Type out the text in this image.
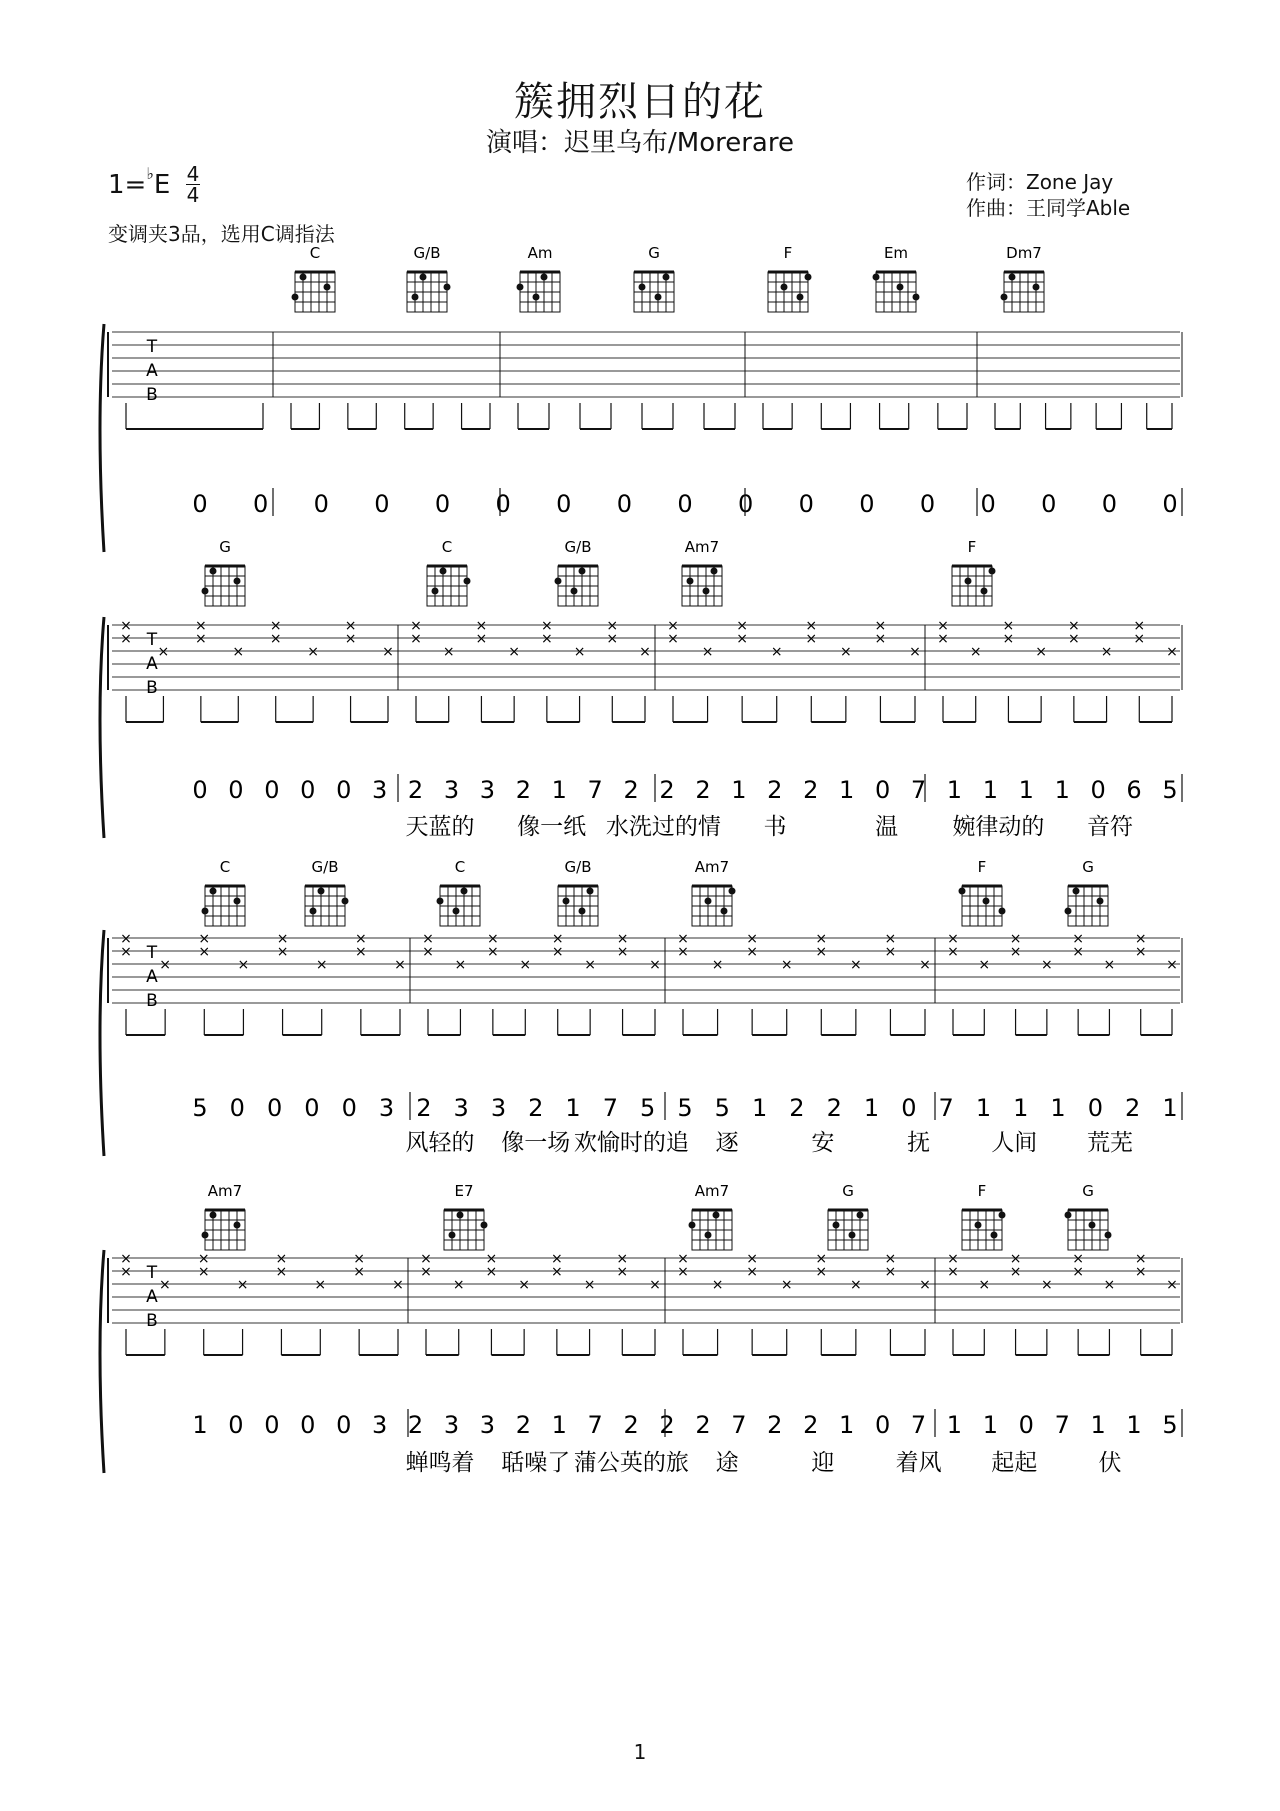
簇拥烈日的花
演唱：迟里乌布/Morerare
1=♭E 4
4
变调夹3品，选用C调指法
作词：Zone Jay
作曲：王同学Able
T
A
B
C	G/B	Am	G	F	Em	Dm7
0 0 0 0 0 0 0 0 0 0 0 0 0 0 0 0 0
T
A
B
×
×
×
×
×
×
×
×
×
×
×
×
×
×
×
×
×
×
×
×
×
×
×
×
×
×
×
×
×
×
×
×
×
×
×
×
×
×
×
×
×
×
×
×
×
×
×
×
G	C	G/B	Am7	F
0 0 0 0 0 3 2 3 3 2 1 7 2 2 2 1 2 2 1 0 7 1 1 1 1 0 6 5
天蓝的 像一纸 水洗过的情 书	温 婉律动的 音符
T
A
B
×
×
×
×
×
×
×
×
×
×
×
×
×
×
×
×
×
×
×
×
×
×
×
×
×
×
×
×
×
×
×
×
×
×
×
×
×
×
×
×
×
×
×
×
×
×
×
×
C	G/B	C	G/B	Am7	F	G
5 0 0 0 0 3 2 3 3 2 1 7 5 5 5 1 2 2 1 0 7 1 1 1 0 2 1
风轻的 像一场 欢愉时的追 逐	安	抚	人间 荒芜
T
A
B
×
×
×
×
×
×
×
×
×
×
×
×
×
×
×
×
×
×
×
×
×
×
×
×
×
×
×
×
×
×
×
×
×
×
×
×
×
×
×
×
×
×
×
×
×
×
×
×
Am7	E7	Am7	G	F	G
1 0 0 0 0 3 2 3 3 2 1 7 2 2 2 7 2 2 1 0 7 1 1 0 7 1 1 5
蝉鸣着 聒噪了 蒲公英的旅 途	迎	着风 起起	伏
1
